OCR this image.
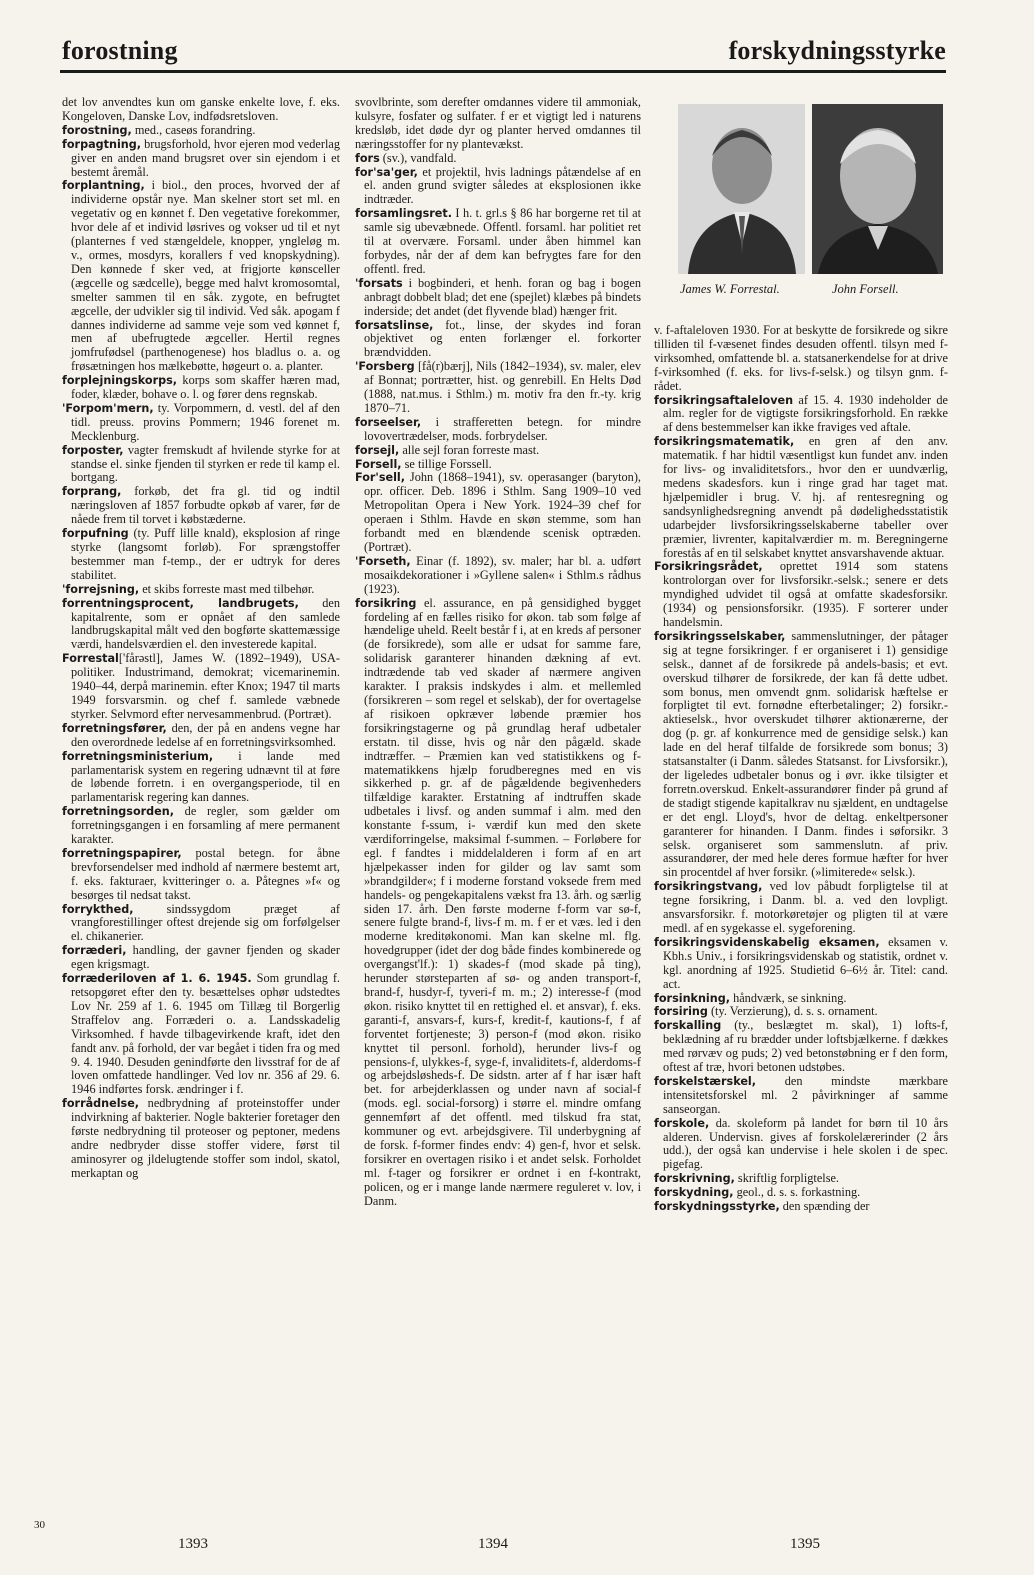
forostning	forskydningsstyrke

det lov anvendtes kun om ganske enkelte love, f. eks. Kongeloven, Danske Lov, indfødsretsloven.

forostning, med., caseøs forandring.

forpagtning, brugsforhold, hvor ejeren mod vederlag giver en anden mand brugsret over sin ejendom i et bestemt åremål.

forplantning, i biol., den proces, hvorved der af individerne opstår nye. Man skelner stort set ml. en vegetativ og en kønnet f. Den vegetative forekommer, hvor dele af et individ løsrives og vokser ud til et nyt (planternes f ved stængeldele, knopper, yngleløg m. v., ormes, mosdyrs, korallers f ved knopskydning). Den kønnede f sker ved, at frigjorte kønsceller (ægcelle og sædcelle), begge med halvt kromosomtal, smelter sammen til en såk. zygote, en befrugtet ægcelle, der udvikler sig til individ. Ved såk. apogam f dannes individerne ad samme veje som ved kønnet f, men af ubefrugtede ægceller. Hertil regnes jomfrufødsel (parthenogenese) hos bladlus o. a. og frøsætningen hos mælkebøtte, høgeurt o. a. planter.

forplejningskorps, korps som skaffer hæren mad, foder, klæder, bohave o. l. og fører dens regnskab.

'Forpom'mern, ty. Vorpommern, d. vestl. del af den tidl. preuss. provins Pommern; 1946 forenet m. Mecklenburg.

forposter, vagter fremskudt af hvilende styrke for at standse el. sinke fjenden til styrken er rede til kamp el. bortgang.

forprang, forkøb, det fra gl. tid og indtil næringsloven af 1857 forbudte opkøb af varer, før de nåede frem til torvet i købstæderne.

forpufning (ty. Puff lille knald), eksplosion af ringe styrke (langsomt forløb). For sprængstoffer bestemmer man f-temp., der er udtryk for deres stabilitet.

'forrejsning, et skibs forreste mast med tilbehør.

forrentningsprocent, landbrugets, den kapitalrente, som er opnået af den samlede landbrugskapital målt ved den bogførte skattemæssige værdi, handelsværdien el. den investerede kapital.

Forrestal['fårəstl], James W. (1892–1949), USA-politiker. Industrimand, demokrat; vicemarinemin. 1940–44, derpå marinemin. efter Knox; 1947 til marts 1949 forsvarsmin. og chef f. samlede væbnede styrker. Selvmord efter nervesammenbrud. (Portræt).

forretningsfører, den, der på en andens vegne har den overordnede ledelse af en forretningsvirksomhed.

forretningsministerium, i lande med parlamentarisk system en regering udnævnt til at føre de løbende forretn. i en overgangsperiode, til en parlamentarisk regering kan dannes.

forretningsorden, de regler, som gælder om forretningsgangen i en forsamling af mere permanent karakter.

forretningspapirer, postal betegn. for åbne brevforsendelser med indhold af nærmere bestemt art, f. eks. fakturaer, kvitteringer o. a. Påtegnes »f« og besørges til nedsat takst.

forrykthed, sindssygdom præget af vrangforestillinger oftest drejende sig om forfølgelser el. chikanerier.

forræderi, handling, der gavner fjenden og skader egen krigsmagt.

forræderiloven af 1. 6. 1945. Som grundlag f. retsopgøret efter den ty. besættelses ophør udstedtes Lov Nr. 259 af 1. 6. 1945 om Tillæg til Borgerlig Straffelov ang. Forræderi o. a. Landsskadelig Virksomhed. f havde tilbagevirkende kraft, idet den fandt anv. på forhold, der var begået i tiden fra og med 9. 4. 1940. Desuden genindførte den livsstraf for de af loven omfattede handlinger. Ved lov nr. 356 af 29. 6. 1946 indførtes forsk. ændringer i f.

forrådnelse, nedbrydning af proteinstoffer under indvirkning af bakterier. Nogle bakterier foretager den første nedbrydning til proteoser og peptoner, medens andre nedbryder disse stoffer videre, først til aminosyrer og jldelugtende stoffer som indol, skatol, merkaptan og

svovlbrinte, som derefter omdannes videre til ammoniak, kulsyre, fosfater og sulfater. f er et vigtigt led i naturens kredsløb, idet døde dyr og planter herved omdannes til næringsstoffer for ny plantevækst.

fors (sv.), vandfald.

for'sa'ger, et projektil, hvis ladnings påtændelse af en el. anden grund svigter således at eksplosionen ikke indtræder.

forsamlingsret. I h. t. grl.s § 86 har borgerne ret til at samle sig ubevæbnede. Offentl. forsaml. har politiet ret til at overvære. Forsaml. under åben himmel kan forbydes, når der af dem kan befrygtes fare for den offentl. fred.

'forsats i bogbinderi, et henh. foran og bag i bogen anbragt dobbelt blad; det ene (spejlet) klæbes på bindets inderside; det andet (det flyvende blad) hænger frit.

forsatslinse, fot., linse, der skydes ind foran objektivet og enten forlænger el. forkorter brændvidden.

'Forsberg [få(r)bærj], Nils (1842–1934), sv. maler, elev af Bonnat; portrætter, hist. og genrebill. En Helts Død (1888, nat.mus. i Sthlm.) m. motiv fra den fr.-ty. krig 1870–71.

forseelser, i strafferetten betegn. for mindre lovovertrædelser, mods. forbrydelser.

forsejl, alle sejl foran forreste mast.

Forsell, se tillige Forssell.

For'sell, John (1868–1941), sv. operasanger (baryton), opr. officer. Deb. 1896 i Sthlm. Sang 1909–10 ved Metropolitan Opera i New York. 1924–39 chef for operaen i Sthlm. Havde en skøn stemme, som han forbandt med en blændende scenisk optræden. (Portræt).

'Forseth, Einar (f. 1892), sv. maler; har bl. a. udført mosaikdekorationer i »Gyllene salen« i Sthlm.s rådhus (1923).

forsikring el. assurance, en på gensidighed bygget fordeling af en fælles risiko for økon. tab som følge af hændelige uheld. Reelt består f i, at en kreds af personer (de forsikrede), som alle er udsat for samme fare, solidarisk garanterer hinanden dækning af evt. indtrædende tab ved skader af nærmere angiven karakter. I praksis indskydes i alm. et mellemled (forsikreren – som regel et selskab), der for overtagelse af risikoen opkræver løbende præmier hos forsikringstagerne og på grundlag heraf udbetaler erstatn. til disse, hvis og når den pågæld. skade indtræffer. – Præmien kan ved statistikkens og f-matematikkens hjælp forudberegnes med en vis sikkerhed p. gr. af de pågældende begivenheders tilfældige karakter. Erstatning af indtruffen skade udbetales i livsf. og anden summaf i alm. med den konstante f-ssum, i- værdif kun med den skete værdiforringelse, maksimal f-summen. – Forløbere for egl. f fandtes i middelalderen i form af en art hjælpekasser inden for gilder og lav samt som »brandgilder«; f i moderne forstand voksede frem med handels- og pengekapitalens vækst fra 13. årh. og særlig siden 17. årh. Den første moderne f-form var sø-f, senere fulgte brand-f, livs-f m. m. f er et væs. led i den moderne kreditøkonomi. Man kan skelne ml. flg. hovedgrupper (idet der dog både findes kombinerede og overgangst'lf.): 1) skades-f (mod skade på ting), herunder størsteparten af sø- og anden transport-f, brand-f, husdyr-f, tyveri-f m. m.; 2) interesse-f (mod økon. risiko knyttet til en rettighed el. et ansvar), f. eks. garanti-f, ansvars-f, kurs-f, kredit-f, kautions-f, f af forventet fortjeneste; 3) person-f (mod økon. risiko knyttet til personl. forhold), herunder livs-f og pensions-f, ulykkes-f, syge-f, invaliditets-f, alderdoms-f og arbejdsløsheds-f. De sidstn. arter af f har især haft bet. for arbejderklassen og under navn af social-f (mods. egl. social-forsorg) i større el. mindre omfang gennemført af det offentl. med tilskud fra stat, kommuner og evt. arbejdsgivere. Til underbygning af de forsk. f-former findes endv: 4) gen-f, hvor et selsk. forsikrer en overtagen risiko i et andet selsk. Forholdet ml. f-tager og forsikrer er ordnet i en f-kontrakt, policen, og er i mange lande nærmere reguleret v. lov, i Danm.

James W. Forrestal.	John Forsell.

v. f-aftaleloven 1930. For at beskytte de forsikrede og sikre tilliden til f-væsenet findes desuden offentl. tilsyn med f-virksomhed, omfattende bl. a. statsanerkendelse for at drive f-virksomhed (f. eks. for livs-f-selsk.) og tilsyn gnm. f-rådet.

forsikringsaftaleloven af 15. 4. 1930 indeholder de alm. regler for de vigtigste forsikringsforhold. En række af dens bestemmelser kan ikke fraviges ved aftale.

forsikringsmatematik, en gren af den anv. matematik. f har hidtil væsentligst kun fundet anv. inden for livs- og invaliditetsfors., hvor den er uundværlig, medens skadesfors. kun i ringe grad har taget mat. hjælpemidler i brug. V. hj. af rentesregning og sandsynlighedsregning anvendt på dødelighedsstatistik udarbejder livsforsikringsselskaberne tabeller over præmier, livrenter, kapitalværdier m. m. Beregningerne forestås af en til selskabet knyttet ansvarshavende aktuar.

Forsikringsrådet, oprettet 1914 som statens kontrolorgan over for livsforsikr.-selsk.; senere er dets myndighed udvidet til også at omfatte skadesforsikr. (1934) og pensionsforsikr. (1935). F sorterer under handelsmin.

forsikringsselskaber, sammenslutninger, der påtager sig at tegne forsikringer. f er organiseret i 1) gensidige selsk., dannet af de forsikrede på andels-basis; et evt. overskud tilhører de forsikrede, der kan få dette udbet. som bonus, men omvendt gnm. solidarisk hæftelse er forpligtet til evt. fornødne efterbetalinger; 2) forsikr.-aktieselsk., hvor overskudet tilhører aktionærerne, der dog (p. gr. af konkurrence med de gensidige selsk.) kan lade en del heraf tilfalde de forsikrede som bonus; 3) statsanstalter (i Danm. således Statsanst. for Livsforsikr.), der ligeledes udbetaler bonus og i øvr. ikke tilsigter et forretn.overskud. Enkelt-assurandører finder på grund af de stadigt stigende kapitalkrav nu sjældent, en undtagelse er det engl. Lloyd's, hvor de deltag. enkeltpersoner garanterer for hinanden. I Danm. findes i søforsikr. 3 selsk. organiseret som sammenslutn. af priv. assurandører, der med hele deres formue hæfter for hver sin procentdel af hver forsikr. (»limiterede« selsk.).

forsikringstvang, ved lov påbudt forpligtelse til at tegne forsikring, i Danm. bl. a. ved den lovpligt. ansvarsforsikr. f. motorkøretøjer og pligten til at være medl. af en sygekasse el. sygeforening.

forsikringsvidenskabelig eksamen, eksamen v. Kbh.s Univ., i forsikringsvidenskab og statistik, ordnet v. kgl. anordning af 1925. Studietid 6–6½ år. Titel: cand. act.

forsinkning, håndværk, se sinkning.

forsiring (ty. Verzierung), d. s. s. ornament.

forskalling (ty., beslægtet m. skal), 1) lofts-f, beklædning af ru brædder under loftsbjælkerne. f dækkes med rørvæv og puds; 2) ved betonstøbning er f den form, oftest af træ, hvori betonen udstøbes.

forskelstærskel, den mindste mærkbare intensitetsforskel ml. 2 påvirkninger af samme sanseorgan.

forskole, da. skoleform på landet for børn til 10 års alderen. Undervisn. gives af forskolelærerinder (2 års udd.), der også kan undervise i hele skolen i de spec. pigefag.

forskrivning, skriftlig forpligtelse.

forskydning, geol., d. s. s. forkastning.

forskydningsstyrke, den spænding der

30
1393	1394	1395
